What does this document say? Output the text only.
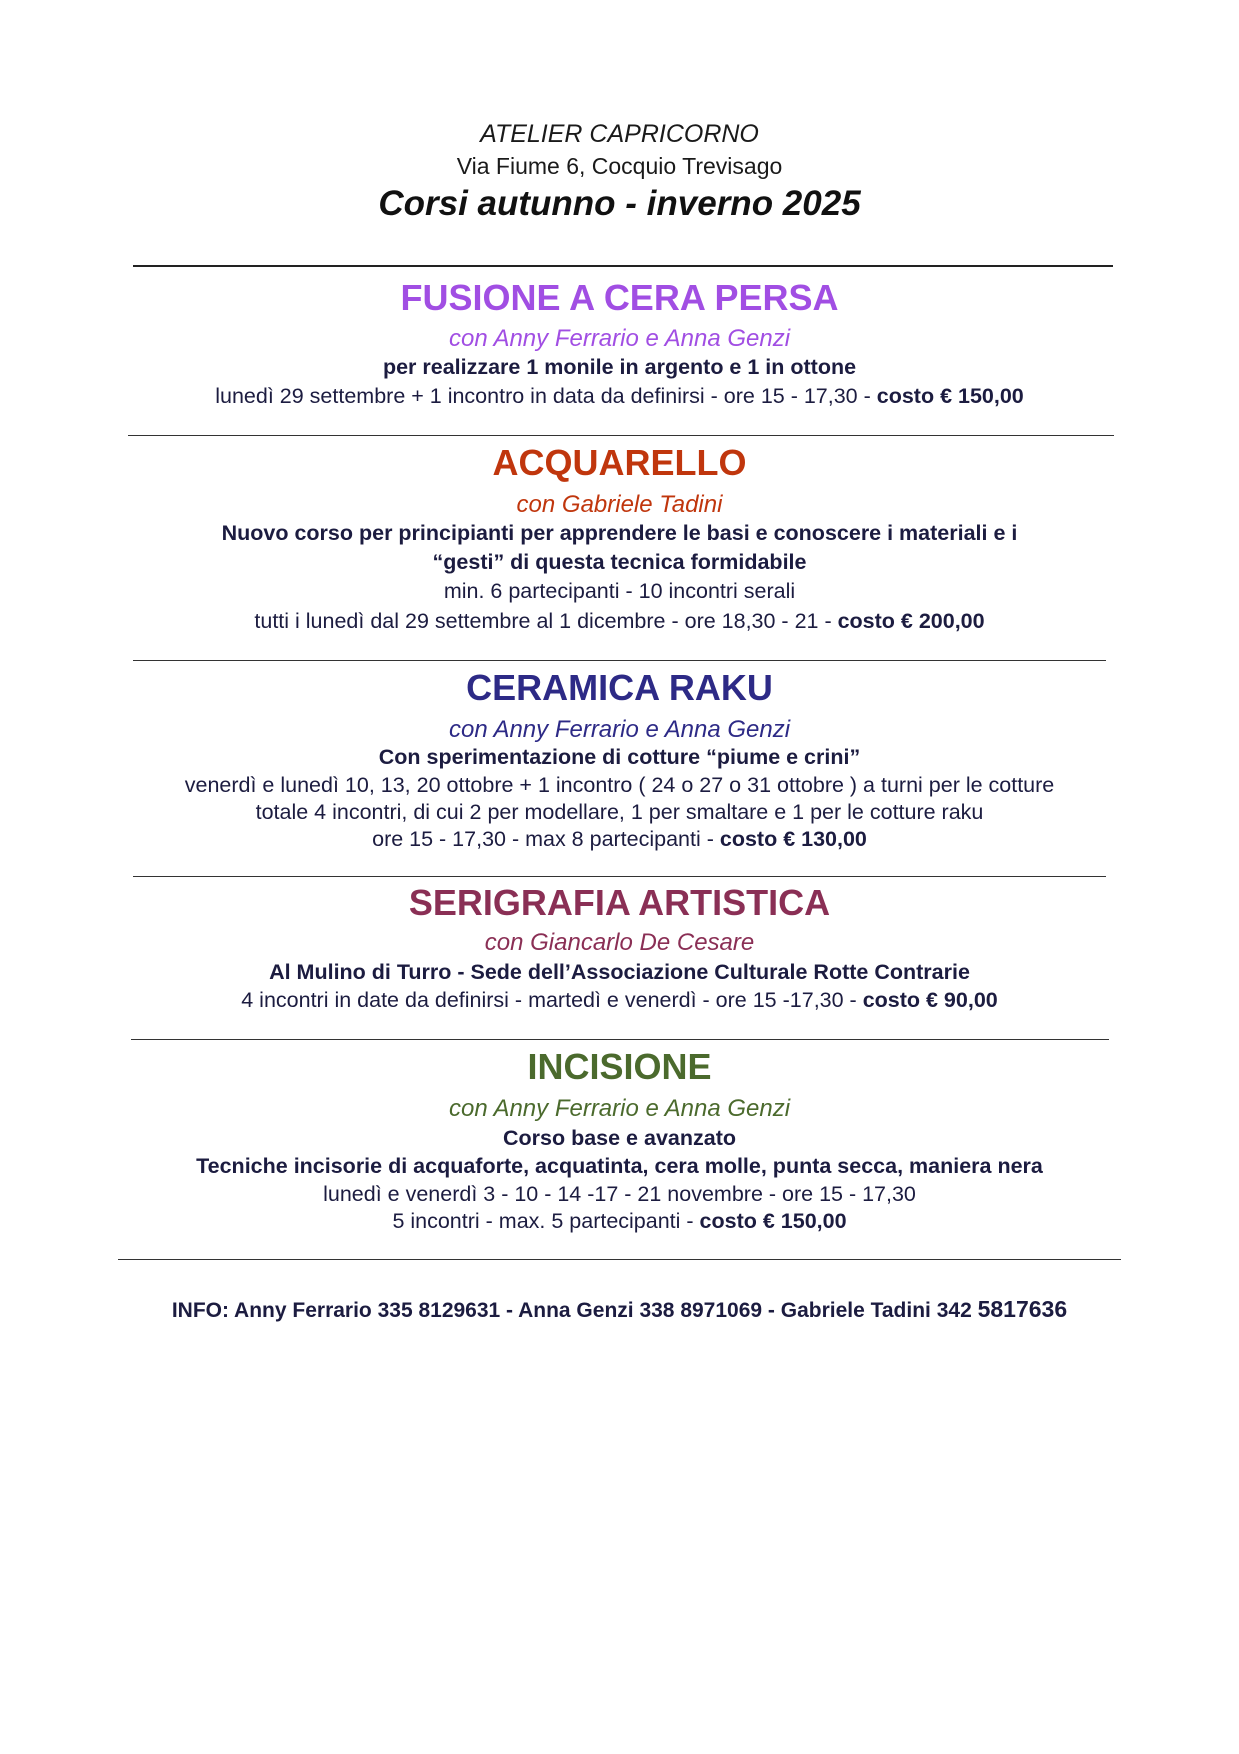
ATELIER CAPRICORNO

Via Fiume 6, Cocquio Trevisago

Corsi autunno - inverno 2025

FUSIONE A CERA PERSA

con Anny Ferrario e Anna Genzi

per realizzare 1 monile in argento e 1 in ottone

lunedì 29 settembre + 1 incontro in data da definirsi - ore 15 - 17,30 - costo € 150,00

ACQUARELLO

con Gabriele Tadini

Nuovo corso per principianti per apprendere le basi e conoscere i materiali e i

“gesti” di questa tecnica formidabile

min. 6 partecipanti - 10 incontri serali

tutti i lunedì dal 29 settembre al 1 dicembre - ore 18,30 - 21 - costo € 200,00

CERAMICA RAKU

con Anny Ferrario e Anna Genzi

Con sperimentazione di cotture “piume e crini”

venerdì e lunedì 10, 13, 20 ottobre + 1 incontro ( 24 o 27 o 31 ottobre ) a turni per le cotture

totale 4 incontri, di cui 2 per modellare, 1 per smaltare e 1 per le cotture raku

ore 15 - 17,30 - max 8 partecipanti - costo € 130,00

SERIGRAFIA ARTISTICA

con Giancarlo De Cesare

Al Mulino di Turro - Sede dell’Associazione Culturale Rotte Contrarie

4 incontri in date da definirsi - martedì e venerdì - ore 15 -17,30 - costo € 90,00

INCISIONE

con Anny Ferrario e Anna Genzi

Corso base e avanzato

Tecniche incisorie di acquaforte, acquatinta, cera molle, punta secca, maniera nera

lunedì e venerdì 3 - 10 - 14 -17 - 21 novembre - ore 15 - 17,30

5 incontri - max. 5 partecipanti - costo € 150,00

INFO: Anny Ferrario 335 8129631 - Anna Genzi 338 8971069 - Gabriele Tadini 342 5817636
